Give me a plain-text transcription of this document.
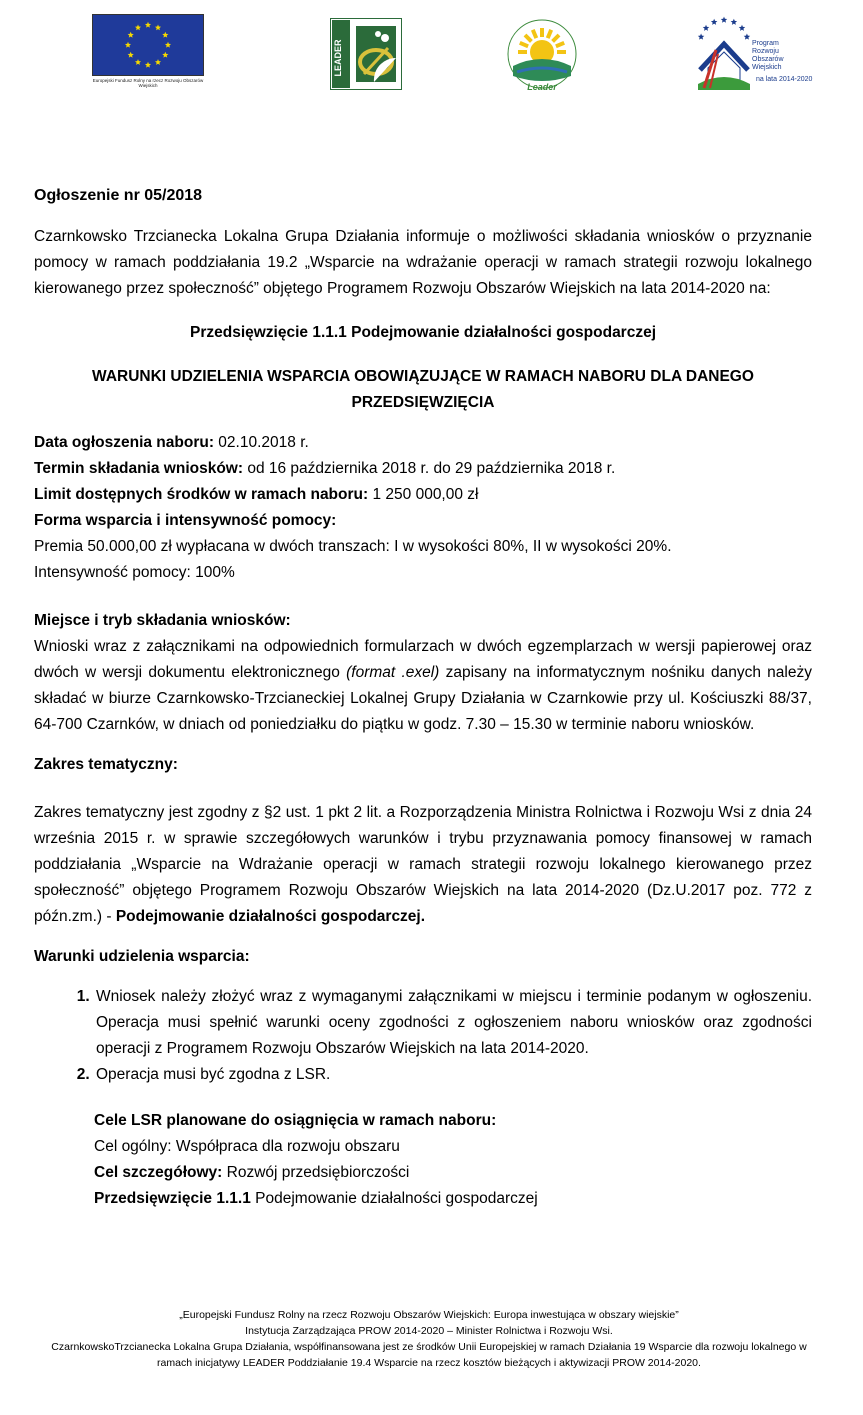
Europejski Fundusz Rolny na rzecz Rozwoju Obszarów Wiejskich
LEADER
Leader
Program
Rozwoju
Obszarów
Wiejskich
na lata 2014-2020

Ogłoszenie nr 05/2018

Czarnkowsko Trzcianecka Lokalna Grupa Działania informuje o możliwości składania wniosków o przyznanie pomocy w ramach poddziałania 19.2 „Wsparcie na wdrażanie operacji w ramach strategii rozwoju lokalnego kierowanego przez społeczność” objętego Programem Rozwoju Obszarów Wiejskich na lata 2014-2020 na:

Przedsięwzięcie 1.1.1 Podejmowanie działalności gospodarczej

WARUNKI UDZIELENIA WSPARCIA OBOWIĄZUJĄCE W RAMACH NABORU DLA DANEGO
PRZEDSIĘWZIĘCIA

Data ogłoszenia naboru: 02.10.2018 r.

Termin składania wniosków: od 16 października 2018 r. do 29 października 2018 r.

Limit dostępnych środków w ramach naboru: 1 250 000,00 zł

Forma wsparcia i intensywność pomocy:

Premia 50.000,00 zł wypłacana w dwóch transzach: I w wysokości 80%, II w wysokości 20%.

Intensywność pomocy: 100%

Miejsce i tryb składania wniosków:

Wnioski wraz z załącznikami na odpowiednich formularzach w dwóch egzemplarzach w wersji papierowej oraz dwóch w wersji dokumentu elektronicznego (format .exel) zapisany na informatycznym nośniku danych należy składać w biurze Czarnkowsko-Trzcianeckiej Lokalnej Grupy Działania w Czarnkowie przy ul. Kościuszki 88/37, 64-700 Czarnków, w dniach od poniedziałku do piątku w godz. 7.30 – 15.30 w terminie naboru wniosków.

Zakres tematyczny:

Zakres tematyczny jest zgodny z §2 ust. 1 pkt 2 lit. a Rozporządzenia Ministra Rolnictwa i Rozwoju Wsi z dnia 24 września 2015 r. w sprawie szczegółowych warunków i trybu przyznawania pomocy finansowej w ramach poddziałania „Wsparcie na Wdrażanie operacji w ramach strategii rozwoju lokalnego kierowanego przez społeczność” objętego Programem Rozwoju Obszarów Wiejskich na lata 2014-2020 (Dz.U.2017 poz. 772 z późn.zm.) - Podejmowanie działalności gospodarczej.

Warunki udzielenia wsparcia:

1. Wniosek należy złożyć wraz z wymaganymi załącznikami w miejscu i terminie podanym w ogłoszeniu. Operacja musi spełnić warunki oceny zgodności z ogłoszeniem naboru wniosków oraz zgodności operacji z Programem Rozwoju Obszarów Wiejskich na lata 2014-2020.
2. Operacja musi być zgodna z LSR.

Cele LSR planowane do osiągnięcia w ramach naboru:

Cel ogólny: Współpraca dla rozwoju obszaru

Cel szczegółowy: Rozwój przedsiębiorczości

Przedsięwzięcie 1.1.1 Podejmowanie działalności gospodarczej

„Europejski Fundusz Rolny na rzecz Rozwoju Obszarów Wiejskich: Europa inwestująca w obszary wiejskie”
Instytucja Zarządzająca PROW 2014-2020 – Minister Rolnictwa i Rozwoju Wsi.
CzarnkowskoTrzcianecka Lokalna Grupa Działania, współfinansowana jest ze środków Unii Europejskiej w ramach Działania 19 Wsparcie dla rozwoju lokalnego w ramach inicjatywy LEADER Poddziałanie 19.4 Wsparcie na rzecz kosztów bieżących i aktywizacji PROW 2014-2020.
